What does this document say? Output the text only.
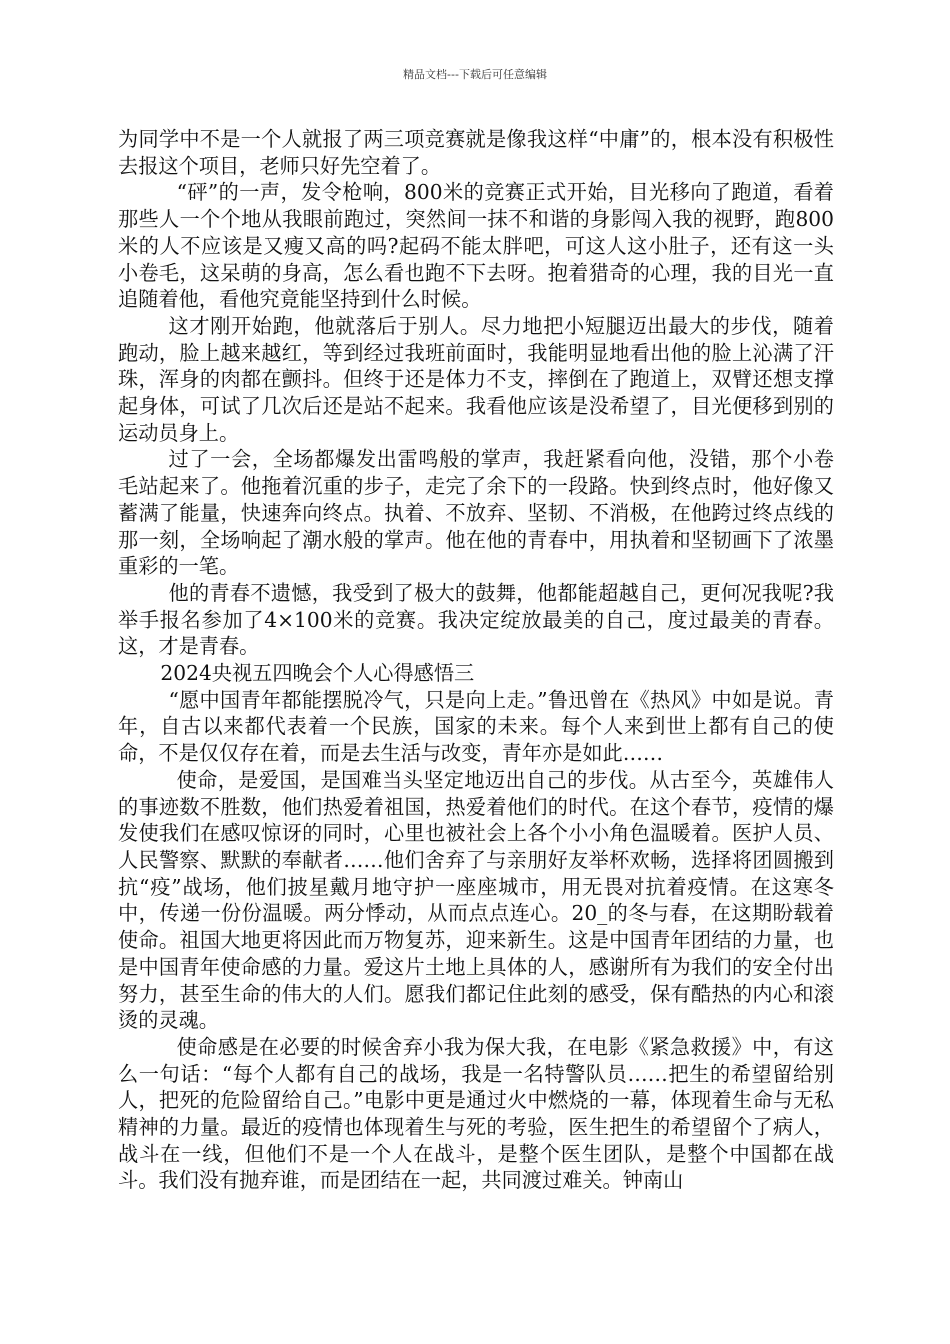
精品文档---下载后可任意编辑

为同学中不是一个人就报了两三项竞赛就是像我这样“中庸”的，根本没有积极性去报这个项目，老师只好先空着了。

“砰”的一声，发令枪响，800米的竞赛正式开始，目光移向了跑道，看着那些人一个个地从我眼前跑过，突然间一抹不和谐的身影闯入我的视野，跑800米的人不应该是又瘦又高的吗?起码不能太胖吧，可这人这小肚子，还有这一头小卷毛，这呆萌的身高，怎么看也跑不下去呀。抱着猎奇的心理，我的目光一直追随着他，看他究竟能坚持到什么时候。

这才刚开始跑，他就落后于别人。尽力地把小短腿迈出最大的步伐，随着跑动，脸上越来越红，等到经过我班前面时，我能明显地看出他的脸上沁满了汗珠，浑身的肉都在颤抖。但终于还是体力不支，摔倒在了跑道上，双臂还想支撑起身体，可试了几次后还是站不起来。我看他应该是没希望了，目光便移到别的运动员身上。

过了一会，全场都爆发出雷鸣般的掌声，我赶紧看向他，没错，那个小卷毛站起来了。他拖着沉重的步子，走完了余下的一段路。快到终点时，他好像又蓄满了能量，快速奔向终点。执着、不放弃、坚韧、不消极，在他跨过终点线的那一刻，全场响起了潮水般的掌声。他在他的青春中，用执着和坚韧画下了浓墨重彩的一笔。

他的青春不遗憾，我受到了极大的鼓舞，他都能超越自己，更何况我呢?我举手报名参加了4×100米的竞赛。我决定绽放最美的自己，度过最美的青春。这，才是青春。

2024央视五四晚会个人心得感悟三

“愿中国青年都能摆脱冷气，只是向上走。”鲁迅曾在《热风》中如是说。青年，自古以来都代表着一个民族，国家的未来。每个人来到世上都有自己的使命，不是仅仅存在着，而是去生活与改变，青年亦是如此……

使命，是爱国，是国难当头坚定地迈出自己的步伐。从古至今，英雄伟人的事迹数不胜数，他们热爱着祖国，热爱着他们的时代。在这个春节，疫情的爆发使我们在感叹惊讶的同时，心里也被社会上各个小小角色温暖着。医护人员、人民警察、默默的奉献者……他们舍弃了与亲朋好友举杯欢畅，选择将团圆搬到抗“疫”战场，他们披星戴月地守护一座座城市，用无畏对抗着疫情。在这寒冬中，传递一份份温暖。两分悸动，从而点点连心。20_的冬与春，在这期盼载着使命。祖国大地更将因此而万物复苏，迎来新生。这是中国青年团结的力量，也是中国青年使命感的力量。爱这片土地上具体的人，感谢所有为我们的安全付出努力，甚至生命的伟大的人们。愿我们都记住此刻的感受，保有酷热的内心和滚烫的灵魂。

使命感是在必要的时候舍弃小我为保大我，在电影《紧急救援》中，有这么一句话：“每个人都有自己的战场，我是一名特警队员……把生的希望留给别人，把死的危险留给自己。”电影中更是通过火中燃烧的一幕，体现着生命与无私精神的力量。最近的疫情也体现着生与死的考验，医生把生的希望留个了病人，战斗在一线，但他们不是一个人在战斗，是整个医生团队，是整个中国都在战斗。我们没有抛弃谁，而是团结在一起，共同渡过难关。钟南山
